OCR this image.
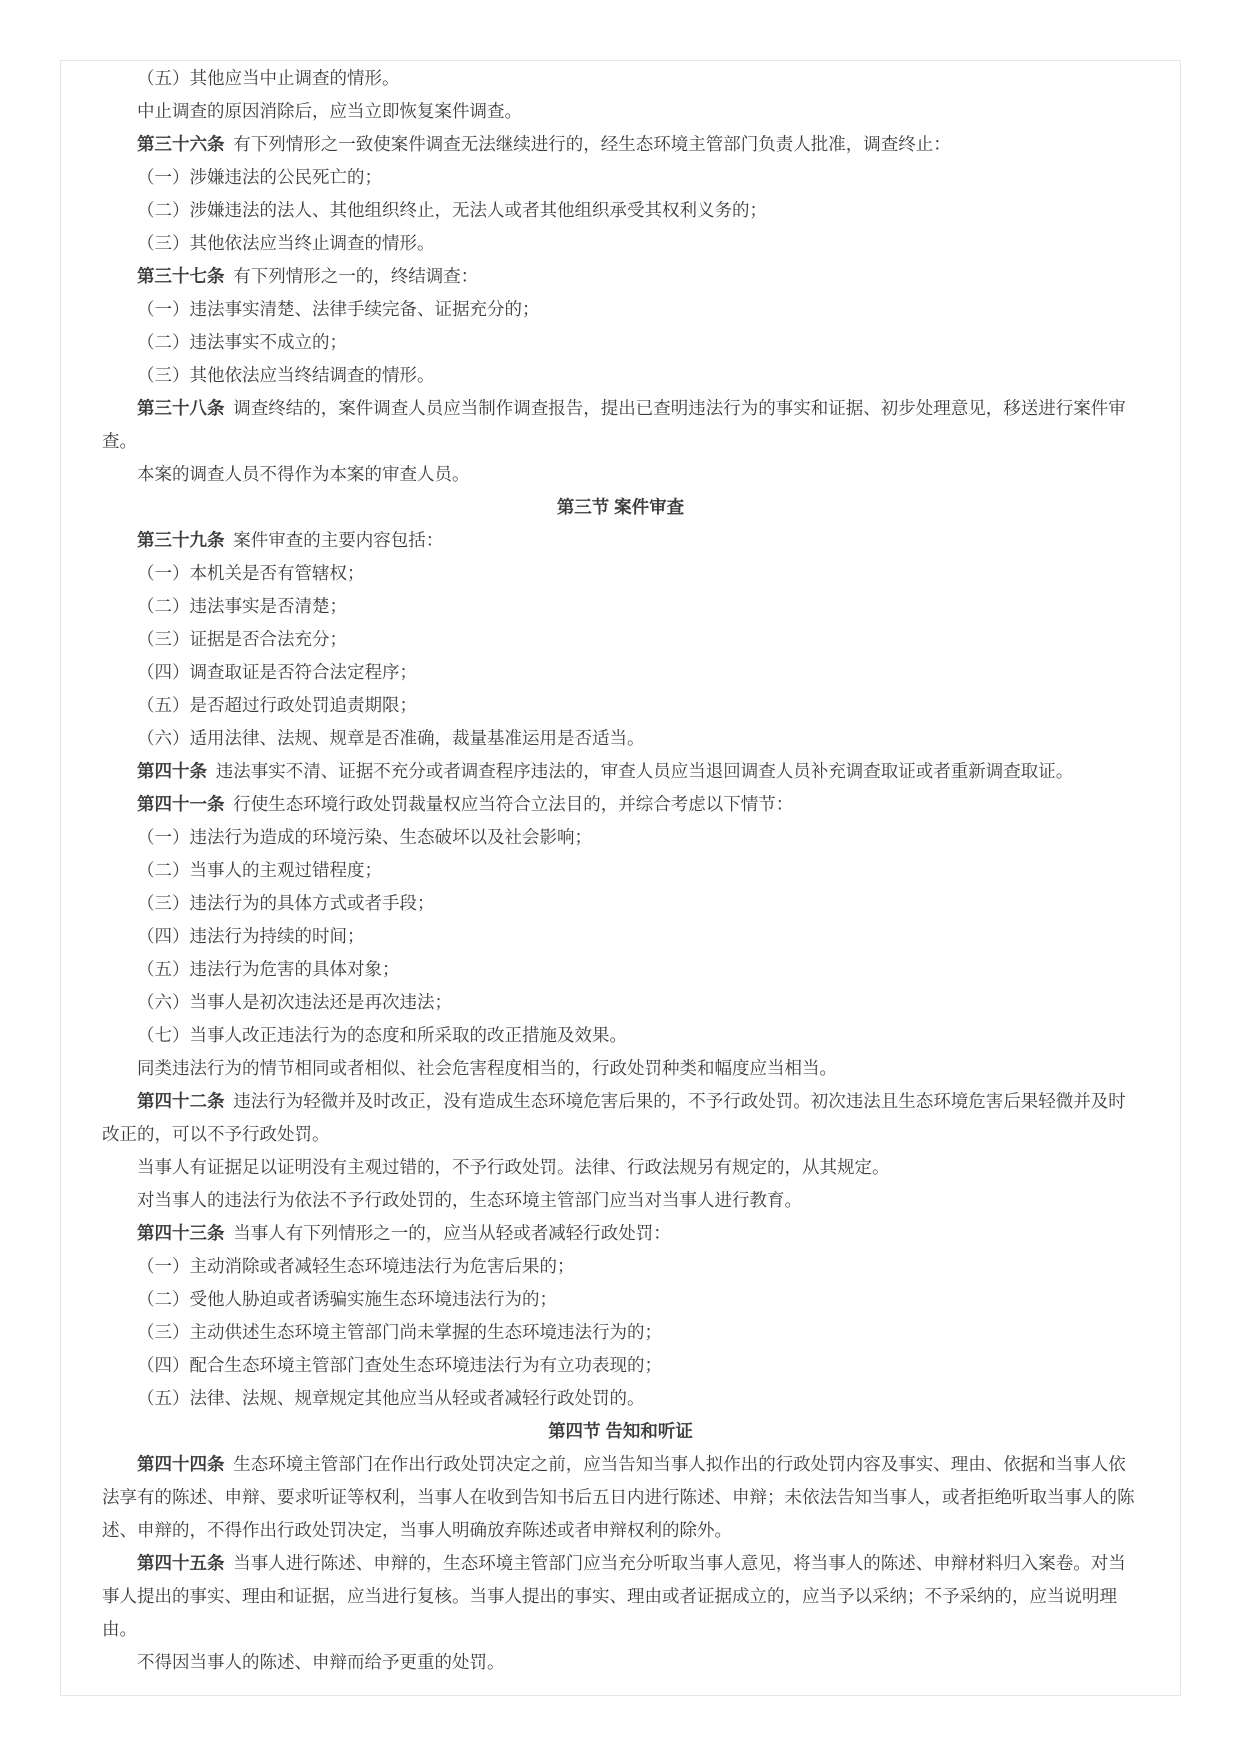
（五）其他应当中止调查的情形。

中止调查的原因消除后，应当立即恢复案件调查。

第三十六条  有下列情形之一致使案件调查无法继续进行的，经生态环境主管部门负责人批准，调查终止：

（一）涉嫌违法的公民死亡的；

（二）涉嫌违法的法人、其他组织终止，无法人或者其他组织承受其权利义务的；

（三）其他依法应当终止调查的情形。

第三十七条  有下列情形之一的，终结调查：

（一）违法事实清楚、法律手续完备、证据充分的；

（二）违法事实不成立的；

（三）其他依法应当终结调查的情形。

第三十八条  调查终结的，案件调查人员应当制作调查报告，提出已查明违法行为的事实和证据、初步处理意见，移送进行案件审查。

本案的调查人员不得作为本案的审查人员。

第三节 案件审查

第三十九条  案件审查的主要内容包括：

（一）本机关是否有管辖权；

（二）违法事实是否清楚；

（三）证据是否合法充分；

（四）调查取证是否符合法定程序；

（五）是否超过行政处罚追责期限；

（六）适用法律、法规、规章是否准确，裁量基准运用是否适当。

第四十条  违法事实不清、证据不充分或者调查程序违法的，审查人员应当退回调查人员补充调查取证或者重新调查取证。

第四十一条  行使生态环境行政处罚裁量权应当符合立法目的，并综合考虑以下情节：

（一）违法行为造成的环境污染、生态破坏以及社会影响；

（二）当事人的主观过错程度；

（三）违法行为的具体方式或者手段；

（四）违法行为持续的时间；

（五）违法行为危害的具体对象；

（六）当事人是初次违法还是再次违法；

（七）当事人改正违法行为的态度和所采取的改正措施及效果。

同类违法行为的情节相同或者相似、社会危害程度相当的，行政处罚种类和幅度应当相当。

第四十二条  违法行为轻微并及时改正，没有造成生态环境危害后果的，不予行政处罚。初次违法且生态环境危害后果轻微并及时改正的，可以不予行政处罚。

当事人有证据足以证明没有主观过错的，不予行政处罚。法律、行政法规另有规定的，从其规定。

对当事人的违法行为依法不予行政处罚的，生态环境主管部门应当对当事人进行教育。

第四十三条  当事人有下列情形之一的，应当从轻或者减轻行政处罚：

（一）主动消除或者减轻生态环境违法行为危害后果的；

（二）受他人胁迫或者诱骗实施生态环境违法行为的；

（三）主动供述生态环境主管部门尚未掌握的生态环境违法行为的；

（四）配合生态环境主管部门查处生态环境违法行为有立功表现的；

（五）法律、法规、规章规定其他应当从轻或者减轻行政处罚的。

第四节 告知和听证

第四十四条  生态环境主管部门在作出行政处罚决定之前，应当告知当事人拟作出的行政处罚内容及事实、理由、依据和当事人依法享有的陈述、申辩、要求听证等权利，当事人在收到告知书后五日内进行陈述、申辩；未依法告知当事人，或者拒绝听取当事人的陈述、申辩的，不得作出行政处罚决定，当事人明确放弃陈述或者申辩权利的除外。

第四十五条  当事人进行陈述、申辩的，生态环境主管部门应当充分听取当事人意见，将当事人的陈述、申辩材料归入案卷。对当事人提出的事实、理由和证据，应当进行复核。当事人提出的事实、理由或者证据成立的，应当予以采纳；不予采纳的，应当说明理由。

不得因当事人的陈述、申辩而给予更重的处罚。
